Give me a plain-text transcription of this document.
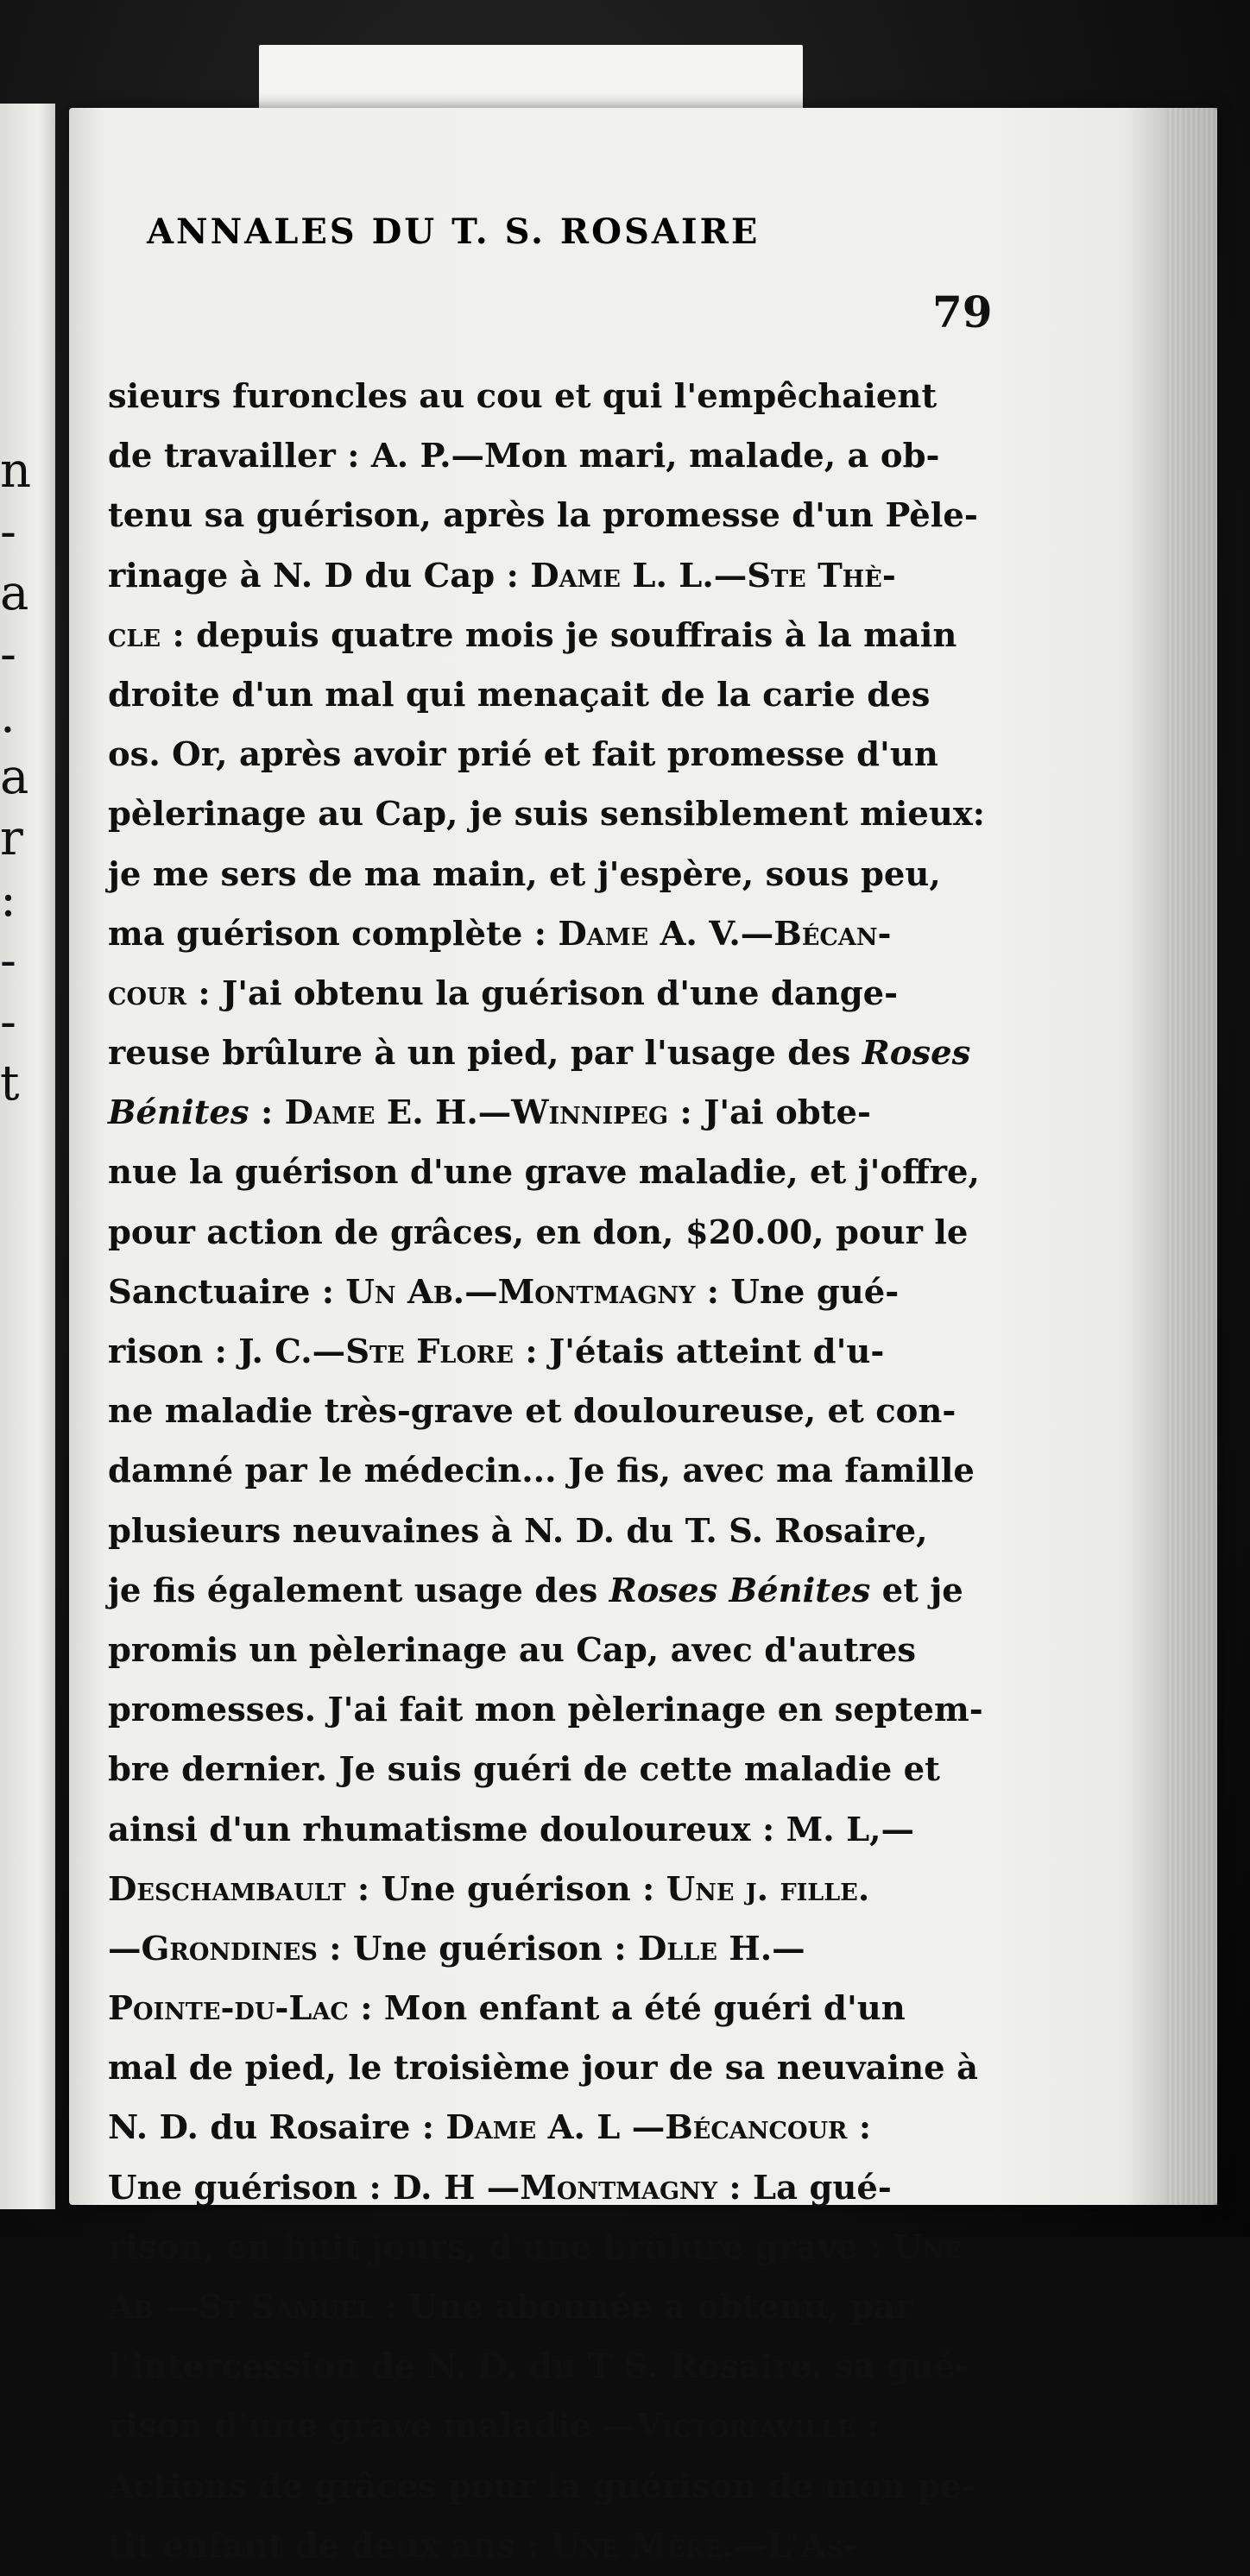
n
-
a
-
.
a
r
:
-
-
t
ANNALES DU T. S. ROSAIRE
79
sieurs furoncles au cou et qui l'empêchaient
de travailler : A. P.—Mon mari, malade, a ob-
tenu sa guérison, après la promesse d'un Pèle-
rinage à N. D du Cap : Dame L. L.—Ste Thè-
cle : depuis quatre mois je souffrais à la main
droite d'un mal qui menaçait de la carie des
os. Or, après avoir prié et fait promesse d'un
pèlerinage au Cap, je suis sensiblement mieux:
je me sers de ma main, et j'espère, sous peu,
ma guérison complète : Dame A. V.—Bécan-
cour : J'ai obtenu la guérison d'une dange-
reuse brûlure à un pied, par l'usage des Roses
Bénites : Dame E. H.—Winnipeg : J'ai obte-
nue la guérison d'une grave maladie, et j'offre,
pour action de grâces, en don, $20.00, pour le
Sanctuaire : Un Ab.—Montmagny : Une gué-
rison : J. C.—Ste Flore : J'étais atteint d'u-
ne maladie très-grave et douloureuse, et con-
damné par le médecin... Je fis, avec ma famille
plusieurs neuvaines à N. D. du T. S. Rosaire,
je fis également usage des Roses Bénites et je
promis un pèlerinage au Cap, avec d'autres
promesses. J'ai fait mon pèlerinage en septem-
bre dernier. Je suis guéri de cette maladie et
ainsi d'un rhumatisme douloureux : M. L,—
Deschambault : Une guérison : Une j. fille.
—Grondines : Une guérison : Dlle H.—
Pointe-du-Lac : Mon enfant a été guéri d'un
mal de pied, le troisième jour de sa neuvaine à
N. D. du Rosaire : Dame A. L —Bécancour :
Une guérison : D. H —Montmagny : La gué-
rison, en huit jours, d'une brûlure grave : Une
Ab —St Samuel : Une abonnée a obtenu, par
l'intercession de N. D. du T S. Rosaire. sa gué-
rison d'une grave maladie —Victoriaville :
Actions de grâces pour la guérison de mon pe-
tit enfant de deux ans : Une Mère.—L'As-
